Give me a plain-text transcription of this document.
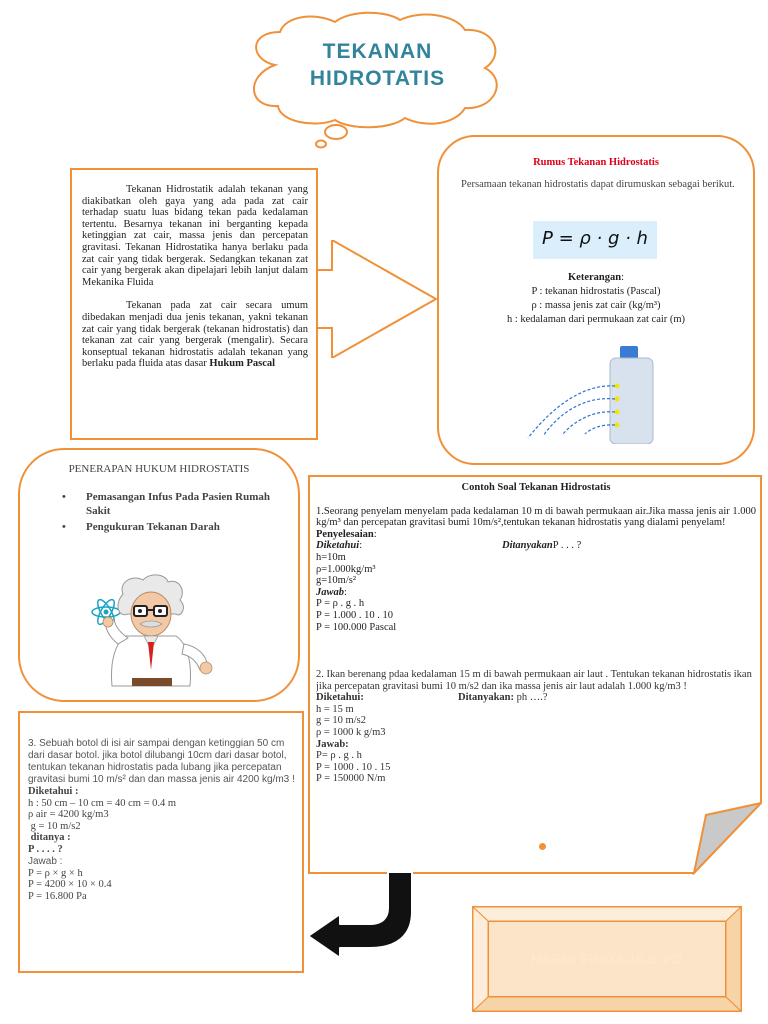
TEKANAN
HIDROTATIS

Tekanan Hidrostatik adalah tekanan yang diakibatkan oleh gaya yang ada pada zat cair terhadap suatu luas bidang tekan pada kedalaman tertentu. Besarnya tekanan ini berganting kepada ketinggian zat cair, massa jenis dan percepatan gravitasi. Tekanan Hidrostatika hanya berlaku pada zat cair yang tidak bergerak. Sedangkan tekanan zat cair yang bergerak akan dipelajari lebih lanjut dalam Mekanika Fluida

Tekanan pada zat cair secara umum dibedakan menjadi dua jenis tekanan, yakni tekanan zat cair yang tidak bergerak (tekanan hidrostatis) dan tekanan zat cair yang bergerak (mengalir). Secara konseptual tekanan hidrostatis adalah tekanan yang berlaku pada fluida atas dasar Hukum Pascal

Rumus Tekanan Hidrostatis
Persamaan tekanan hidrostatis dapat dirumuskan sebagai berikut.
P = ρ · g · h
Keterangan:
P : tekanan hidrostatis (Pascal)
ρ : massa jenis zat cair (kg/m³)
h : kedalaman dari permukaan zat cair (m)
PENERAPAN HUKUM HIDROSTATIS
• Pemasangan Infus Pada Pasien Rumah Sakit
• Pengukuran Tekanan Darah
Contoh Soal Tekanan Hidrostatis

1.Seorang penyelam menyelam pada kedalaman 10 m di bawah permukaan air.Jika massa jenis air 1.000 kg/m³ dan percepatan gravitasi bumi 10m/s²,tentukan tekanan hidrostatis yang dialami penyelam!

Penyelesaian:

Diketahui:	DitanyakanP . . . ?

h=10m

ρ=1.000kg/m³

g=10m/s²

Jawab:

P = ρ . g . h

P = 1.000 . 10 . 10

P = 100.000 Pascal

2. Ikan berenang pdaa kedalaman 15 m di bawah permukaan air laut . Tentukan tekanan hidrostatis ikan jika percepatan gravitasi bumi 10 m/s2 dan ika massa jenis air laut adalah 1.000 kg/m3 !

Diketahui:	Ditanyakan: ph ….?

h = 15 m

g = 10 m/s2

ρ = 1000 k g/m3

Jawab:

P= ρ . g . h

P = 1000 . 10 . 15

P = 150000 N/m

3. Sebuah botol di isi air sampai dengan ketinggian 50 cm dari dasar botol. jika botol dilubangi 10cm dari dasar botol, tentukan tekanan hidrostatis pada lubang jika percepatan gravitasi bumi 10 m/s² dan dan massa jenis air 4200 kg/m3 !

Diketahui :

h : 50 cm – 10 cm = 40 cm = 0.4 m

ρ air = 4200 kg/m3

g = 10 m/s2

ditanya :

P . . . . ?

Jawab :

P = ρ × g × h

P = 4200 × 10 × 0.4

P = 16.800 Pa

HARIS FIRDAUS,S.PD
